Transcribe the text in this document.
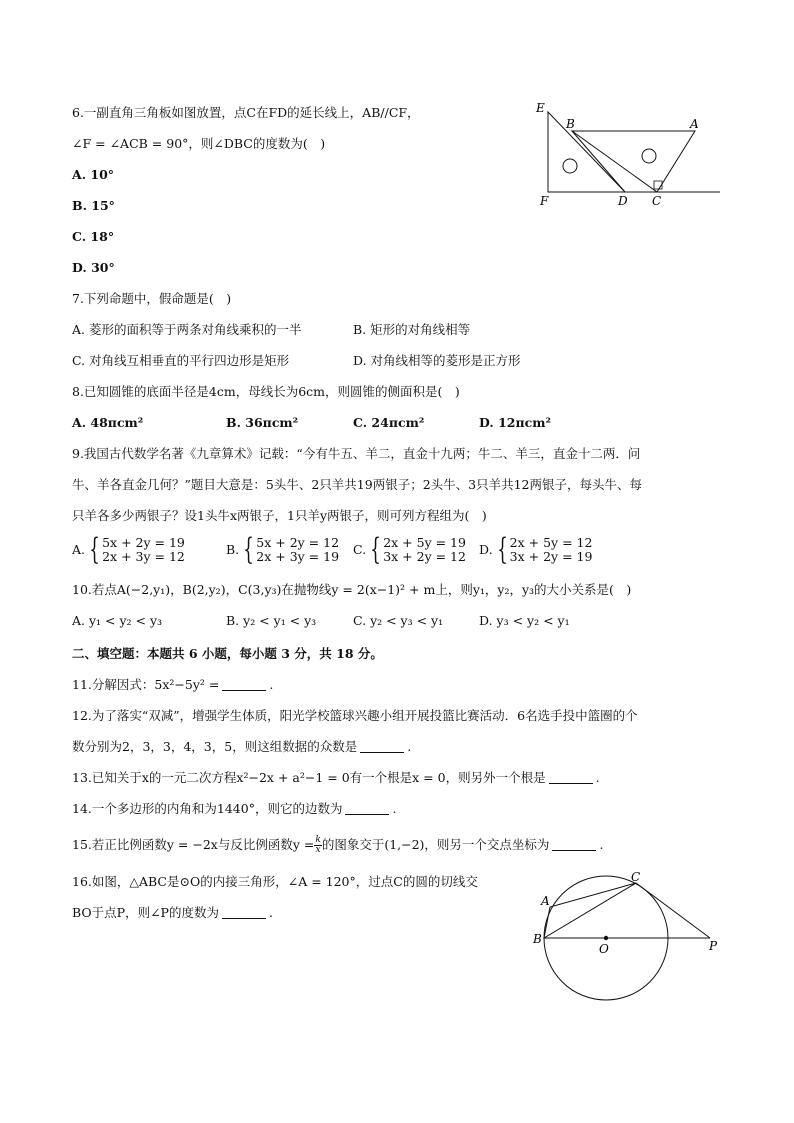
6.一副直角三角板如图放置，点C在FD的延长线上，AB//CF，
∠F = ∠ACB = 90°，则∠DBC的度数为(　)
A. 10°
B. 15°
C. 18°
D. 30°
E
B	A
F	D C
7.下列命题中，假命题是(　)
A. 菱形的面积等于两条对角线乘积的一半	B. 矩形的对角线相等
C. 对角线互相垂直的平行四边形是矩形	D. 对角线相等的菱形是正方形
8.已知圆锥的底面半径是4cm，母线长为6cm，则圆锥的侧面积是(　)
A. 48πcm²	B. 36πcm²	C. 24πcm²	D. 12πcm²
9.我国古代数学名著《九章算术》记载：“今有牛五、羊二，直金十九两；牛二、羊三，直金十二两．问
牛、羊各直金几何？”题目大意是：5头牛、2只羊共19两银子；2头牛、3只羊共12两银子，每头牛、每
只羊各多少两银子？设1头牛x两银子，1只羊y两银子，则可列方程组为(　)
A. { 5x + 2y = 19
2x + 3y = 12	B. { 5x + 2y = 12
2x + 3y = 19 C. { 2x + 5y = 19
3x + 2y = 12 D. { 2x + 5y = 12
3x + 2y = 19
10.若点A(−2,y₁)，B(2,y₂)，C(3,y₃)在抛物线y = 2(x−1)² + m上，则y₁，y₂，y₃的大小关系是(　)
A. y₁ < y₂ < y₃	B. y₂ < y₁ < y₃	C. y₂ < y₃ < y₁	D. y₃ < y₂ < y₁
二、填空题：本题共 6 小题，每小题 3 分，共 18 分。
11.分解因式：5x²−5y² =	.
12.为了落实“双减”，增强学生体质，阳光学校篮球兴趣小组开展投篮比赛活动．6名选手投中篮圈的个
数分别为2，3，3，4，3，5，则这组数据的众数是	.
13.已知关于x的一元二次方程x²−2x + a²−1 = 0有一个根是x = 0，则另外一个根是	.
14.一个多边形的内角和为1440°，则它的边数为	.
15.若正比例函数y = −2x与反比例函数$y = \frac{k}{x}$ 的图象交于(1,−2)，则另一个交点坐标为	.
16.如图，△ABC是⊙O的内接三角形，∠A = 120°，过点C的圆的切线交
BO于点P，则∠P的度数为	.
A
B
C
O	P
